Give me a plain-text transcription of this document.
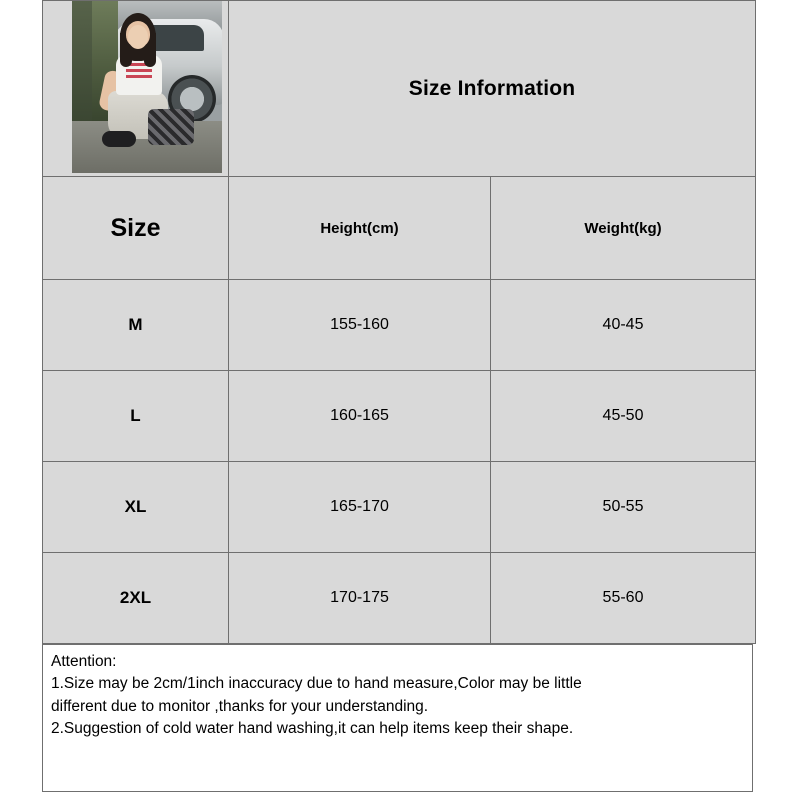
	Size Information	
Size	Height(cm)	Weight(kg)
M	155-160	40-45
L	160-165	45-50
XL	165-170	50-55
2XL	170-175	55-60

Attention:

1.Size may be 2cm/1inch inaccuracy due to hand measure,Color may be little

different due to monitor ,thanks for your understanding.

2.Suggestion of cold water hand washing,it can help items keep their shape.
